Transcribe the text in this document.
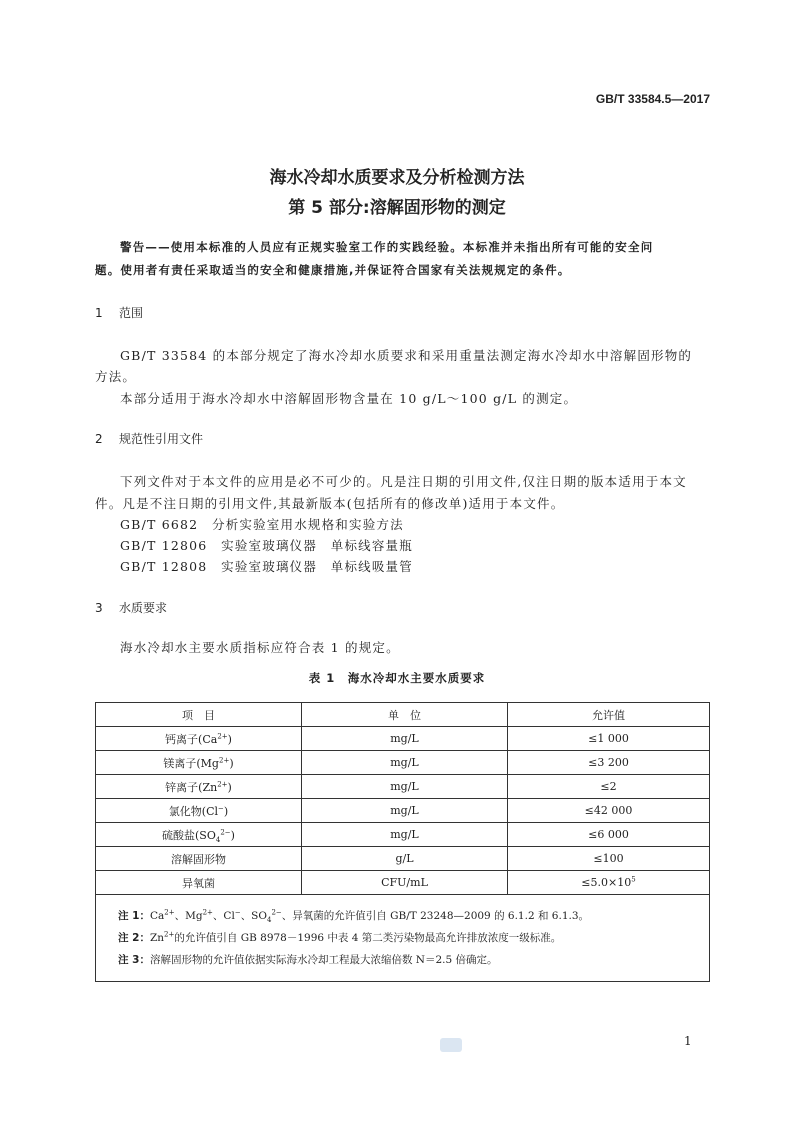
GB/T 33584.5—2017
海水冷却水质要求及分析检测方法
第 5 部分:溶解固形物的测定
警告——使用本标准的人员应有正规实验室工作的实践经验。本标准并未指出所有可能的安全问
题。使用者有责任采取适当的安全和健康措施,并保证符合国家有关法规规定的条件。
1 范围
GB/T 33584 的本部分规定了海水冷却水质要求和采用重量法测定海水冷却水中溶解固形物的
方法。
本部分适用于海水冷却水中溶解固形物含量在 10 g/L～100 g/L 的测定。
2 规范性引用文件
下列文件对于本文件的应用是必不可少的。凡是注日期的引用文件,仅注日期的版本适用于本文
件。凡是不注日期的引用文件,其最新版本(包括所有的修改单)适用于本文件。
GB/T 6682　分析实验室用水规格和实验方法
GB/T 12806　实验室玻璃仪器　单标线容量瓶
GB/T 12808　实验室玻璃仪器　单标线吸量管
3 水质要求
海水冷却水主要水质指标应符合表 1 的规定。
表 1　海水冷却水主要水质要求
项　目	单　位	允许值
钙离子$(Ca^{2+})$	mg/L	≤1 000
镁离子$(Mg^{2+})$	mg/L	≤3 200
锌离子$(Zn^{2+})$	mg/L	≤2
氯化物(Cl−)	mg/L	≤42 000
硫酸盐$(SO_4^{2-})$	mg/L	≤6 000
溶解固形物	g/L	≤100
异氧菌	CFU/mL	$\le 5.0\times 10^5$

注 1：$Ca^{2+}$、$Mg^{2+}$、Cl−、$SO_4^{2-}$、异氧菌的允许值引自 GB/T 23248—2009 的 6.1.2 和 6.1.3。
注 2：$Zn^{2+}$的允许值引自 GB 8978－1996 中表 4 第二类污染物最高允许排放浓度一级标准。
注 3：溶解固形物的允许值依据实际海水冷却工程最大浓缩倍数 N＝2.5 倍确定。		
1
